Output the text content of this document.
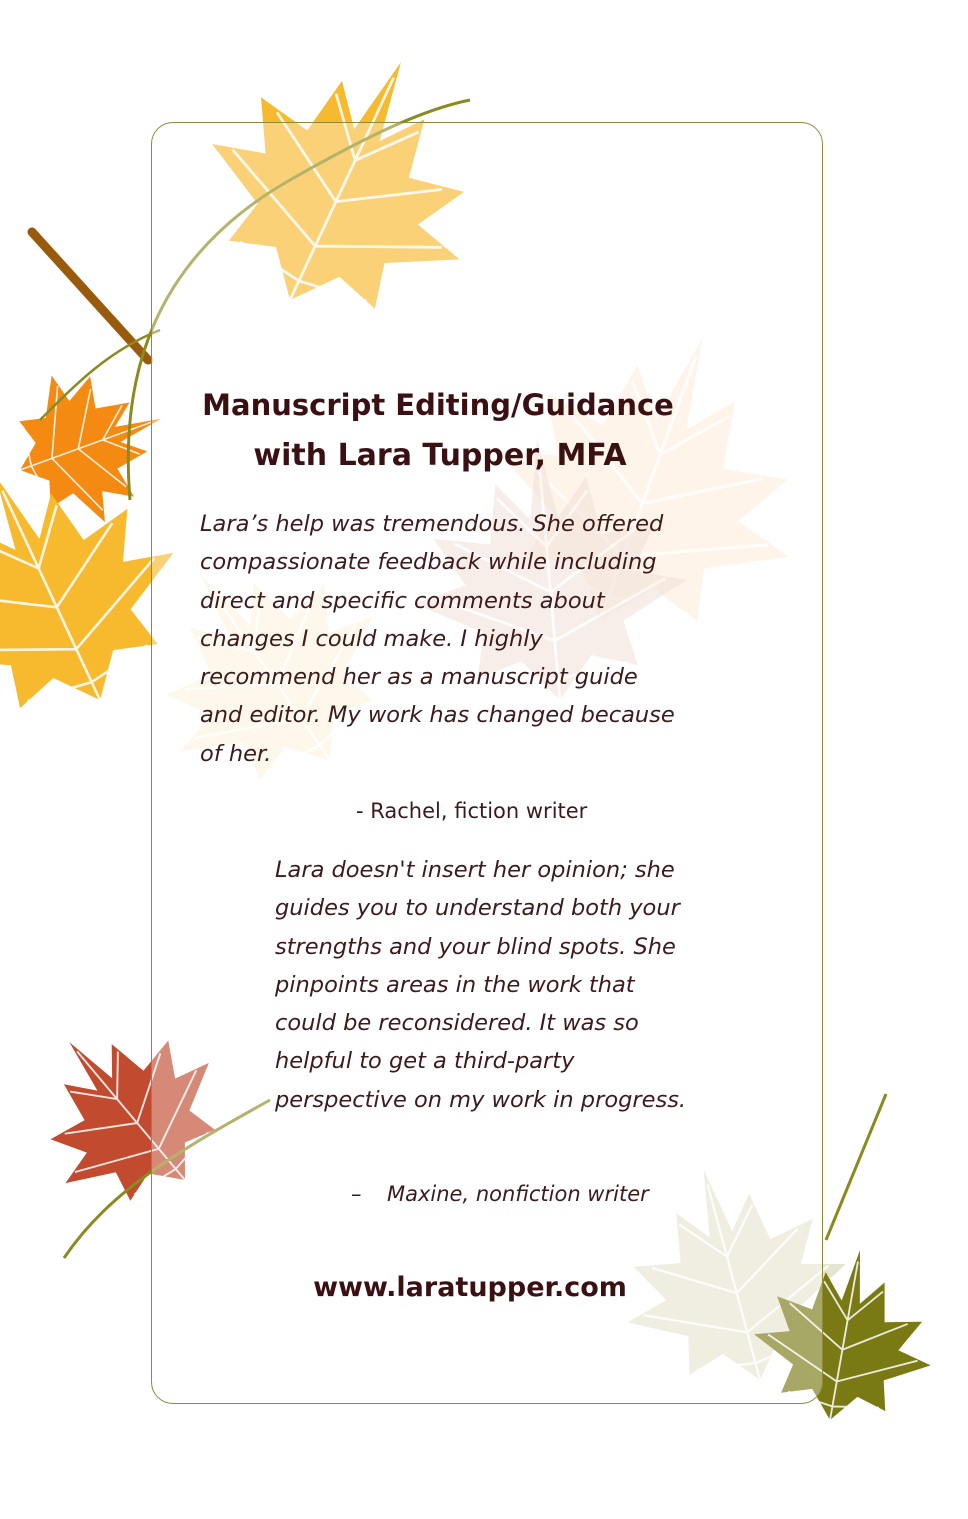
Manuscript Editing/Guidance
with Lara Tupper, MFA

Lara’s help was tremendous. She offered compassionate feedback while including direct and specific comments about changes I could make. I highly recommend her as a manuscript guide and editor. My work has changed because of her.

- Rachel, fiction writer

Lara doesn't insert her opinion; she guides you to understand both your strengths and your blind spots. She pinpoints areas in the work that could be reconsidered. It was so helpful to get a third-party perspective on my work in progress.

– Maxine, nonfiction writer

www.laratupper.com
